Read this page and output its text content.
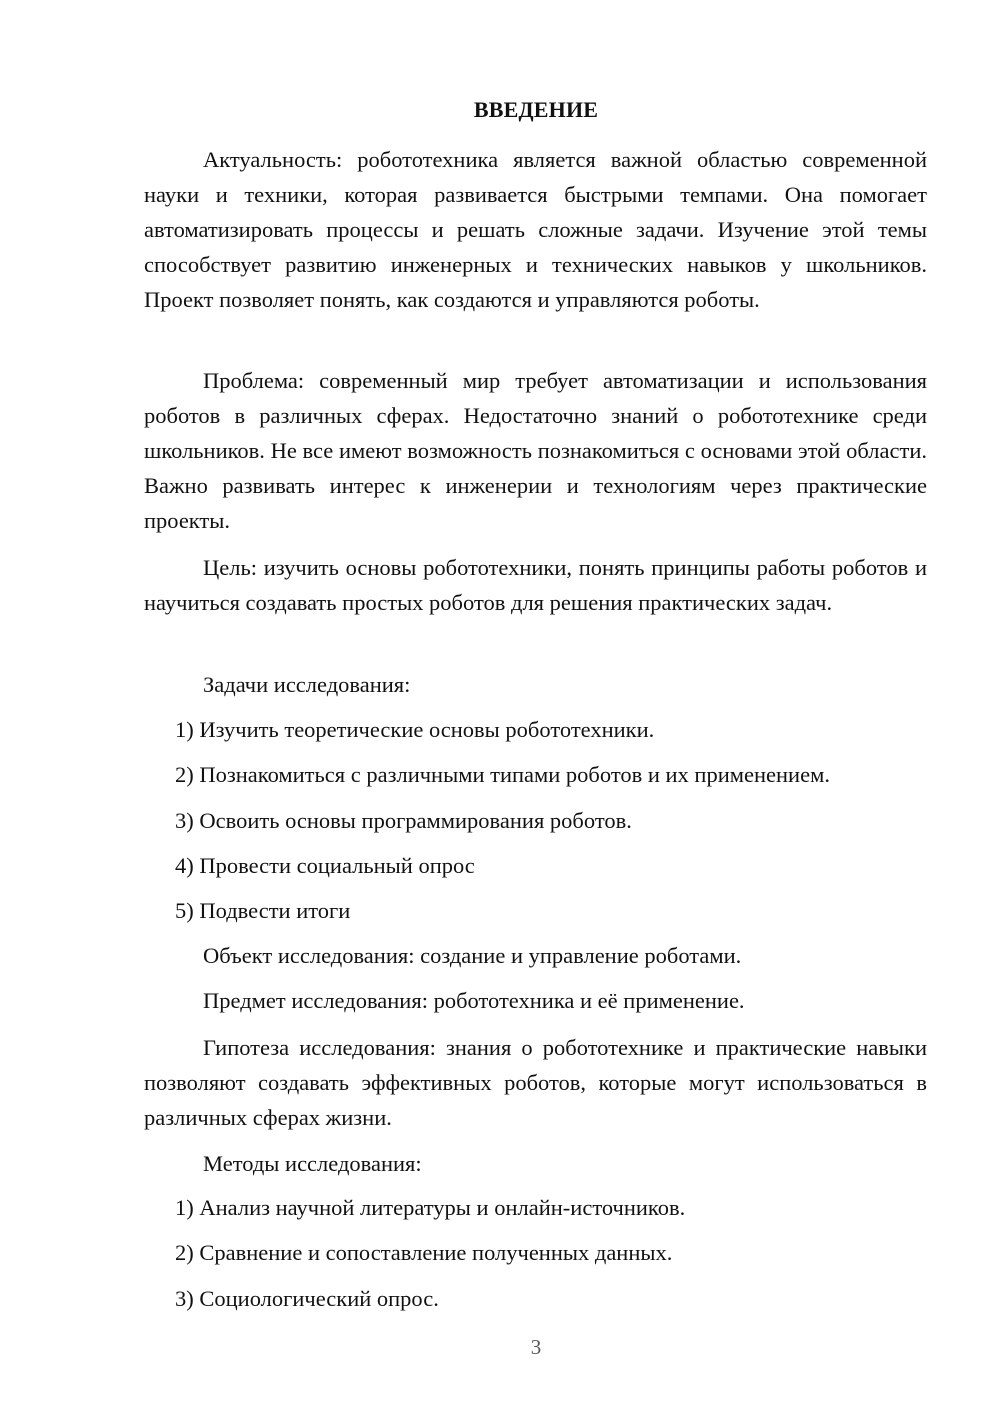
ВВЕДЕНИЕ

Актуальность: робототехника является важной областью современной науки и техники, которая развивается быстрыми темпами. Она помогает автоматизировать процессы и решать сложные задачи. Изучение этой темы способствует развитию инженерных и технических навыков у школьников. Проект позволяет понять, как создаются и управляются роботы.

Проблема: современный мир требует автоматизации и использования роботов в различных сферах. Недостаточно знаний о робототехнике среди школьников. Не все имеют возможность познакомиться с основами этой области. Важно развивать интерес к инженерии и технологиям через практические проекты.

Цель: изучить основы робототехники, понять принципы работы роботов и научиться создавать простых роботов для решения практических задач.

Задачи исследования:

1) Изучить теоретические основы робототехники.

2) Познакомиться с различными типами роботов и их применением.

3) Освоить основы программирования роботов.

4) Провести социальный опрос

5) Подвести итоги

Объект исследования: создание и управление роботами.

Предмет исследования: робототехника и её применение.

Гипотеза исследования: знания о робототехнике и практические навыки позволяют создавать эффективных роботов, которые могут использоваться в различных сферах жизни.

Методы исследования:

1) Анализ научной литературы и онлайн-источников.

2) Сравнение и сопоставление полученных данных.

3) Социологический опрос.

3
